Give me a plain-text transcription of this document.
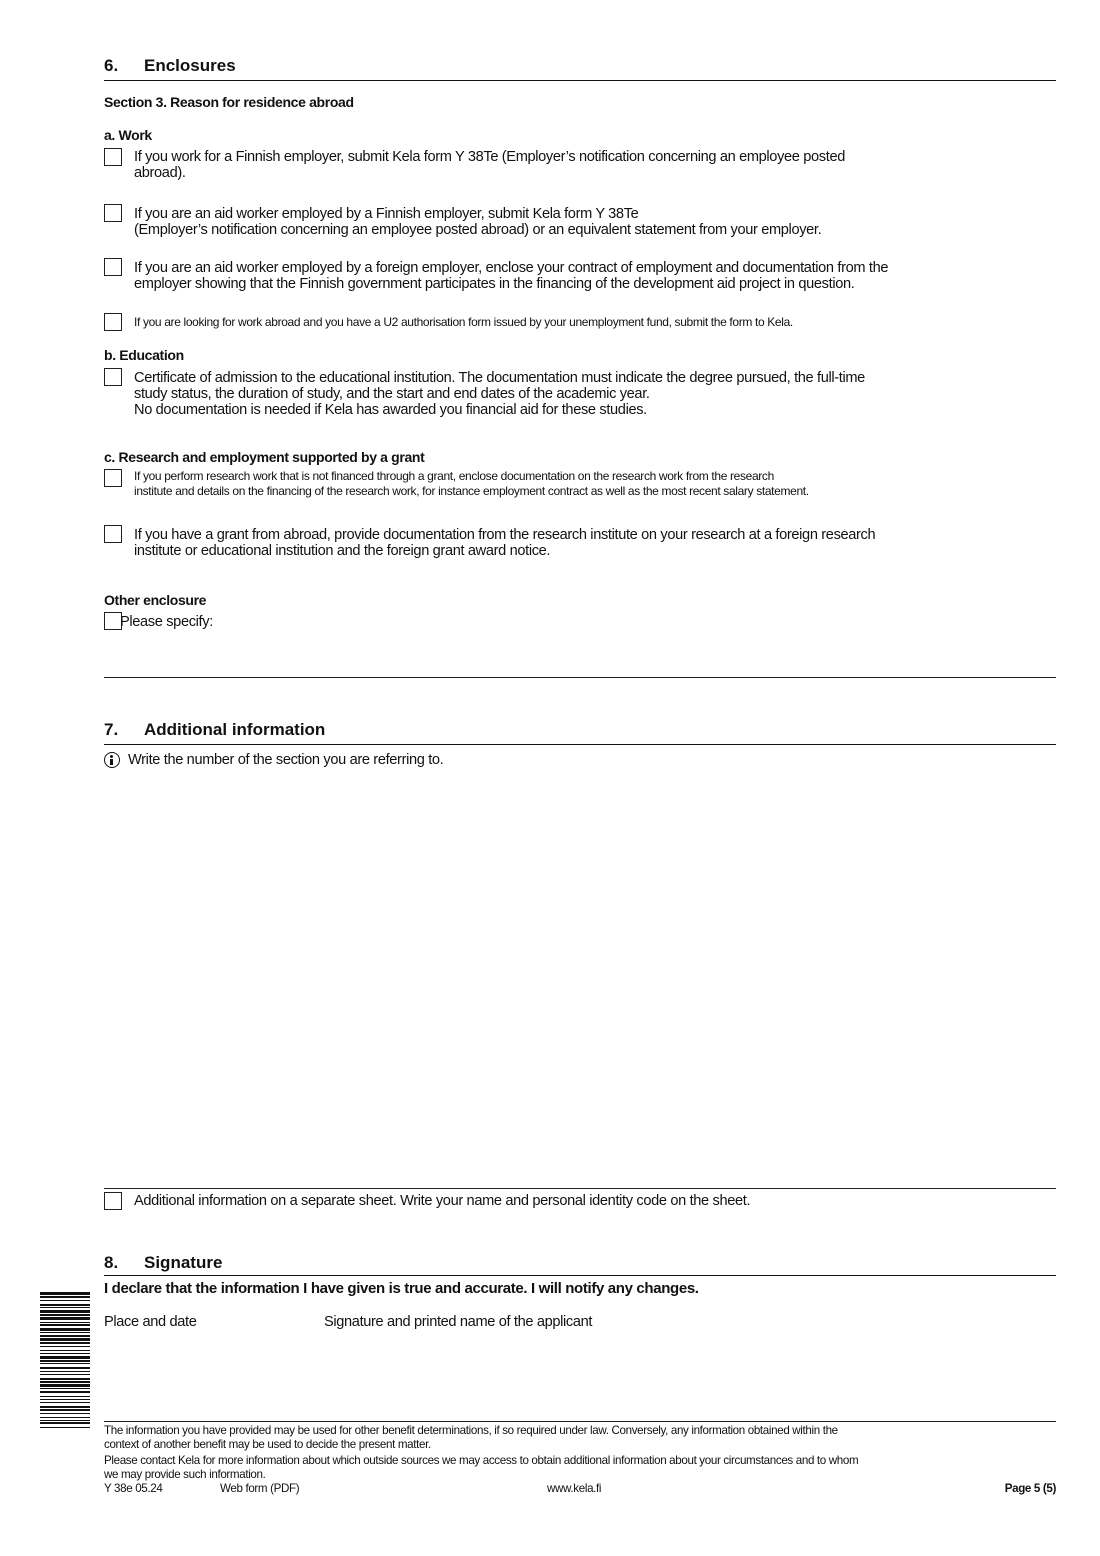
6. Enclosures
Section 3. Reason for residence abroad
a. Work
If you work for a Finnish employer, submit Kela form Y 38Te (Employer’s notification concerning an employee posted
abroad).
If you are an aid worker employed by a Finnish employer, submit Kela form Y 38Te
(Employer’s notification concerning an employee posted abroad) or an equivalent statement from your employer.
If you are an aid worker employed by a foreign employer, enclose your contract of employment and documentation from the
employer showing that the Finnish government participates in the financing of the development aid project in question.
If you are looking for work abroad and you have a U2 authorisation form issued by your unemployment fund, submit the form to Kela.
b. Education
Certificate of admission to the educational institution. The documentation must indicate the degree pursued, the full-time
study status, the duration of study, and the start and end dates of the academic year.
No documentation is needed if Kela has awarded you financial aid for these studies.
c. Research and employment supported by a grant
If you perform research work that is not financed through a grant, enclose documentation on the research work from the research
institute and details on the financing of the research work, for instance employment contract as well as the most recent salary statement.
If you have a grant from abroad, provide documentation from the research institute on your research at a foreign research
institute or educational institution and the foreign grant award notice.
Other enclosure
Please specify:
7. Additional information
Write the number of the section you are referring to.
Additional information on a separate sheet. Write your name and personal identity code on the sheet.
8. Signature
I declare that the information I have given is true and accurate. I will notify any changes.
Place and date	Signature and printed name of the applicant
The information you have provided may be used for other benefit determinations, if so required under law. Conversely, any information obtained within the
context of another benefit may be used to decide the present matter.
Please contact Kela for more information about which outside sources we may access to obtain additional information about your circumstances and to whom
we may provide such information.
Y 38e 05.24	Web form (PDF)	www.kela.fi	Page 5 (5)
